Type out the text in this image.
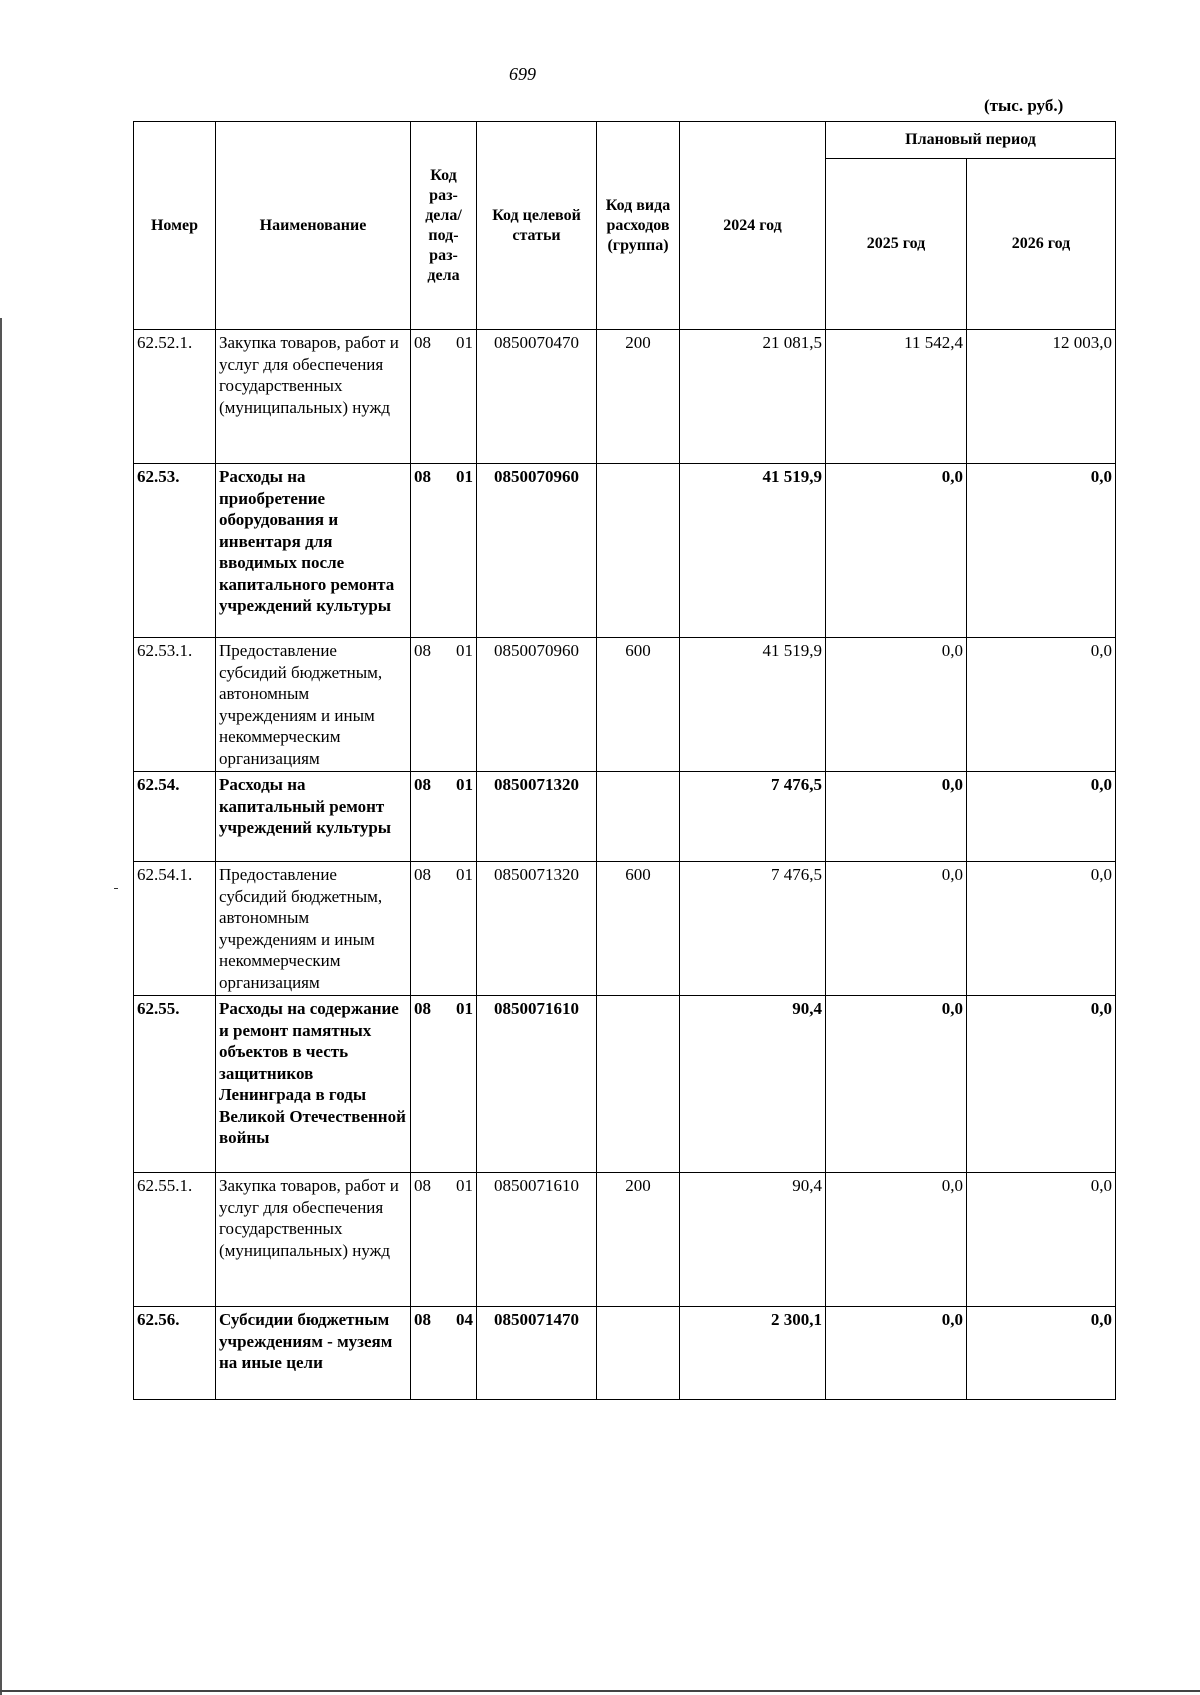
699
(тыс. руб.)
Номер	Наименование	Код раз- дела/ под- раз- дела	Код целевой статьи	Код вида расходов (группа)	2024 год	Плановый период	
						2025 год	2026 год
62.52.1.	Закупка товаров, работ и услуг для обеспечения государственных (муниципальных) нужд	08 01	0850070470	200	21 081,5	11 542,4	12 003,0
62.53.	Расходы на приобретение оборудования и инвентаря для вводимых после капитального ремонта учреждений культуры	08 01	0850070960		41 519,9	0,0	0,0
62.53.1.	Предоставление субсидий бюджетным, автономным учреждениям и иным некоммерческим организациям	08 01	0850070960	600	41 519,9	0,0	0,0
62.54.	Расходы на капитальный ремонт учреждений культуры	08 01	0850071320		7 476,5	0,0	0,0
62.54.1.	Предоставление субсидий бюджетным, автономным учреждениям и иным некоммерческим организациям	08 01	0850071320	600	7 476,5	0,0	0,0
62.55.	Расходы на содержание и ремонт памятных объектов в честь защитников Ленинграда в годы Великой Отечественной войны	08 01	0850071610		90,4	0,0	0,0
62.55.1.	Закупка товаров, работ и услуг для обеспечения государственных (муниципальных) нужд	08 01	0850071610	200	90,4	0,0	0,0
62.56.	Субсидии бюджетным учреждениям - музеям на иные цели	08 04	0850071470		2 300,1	0,0	0,0
